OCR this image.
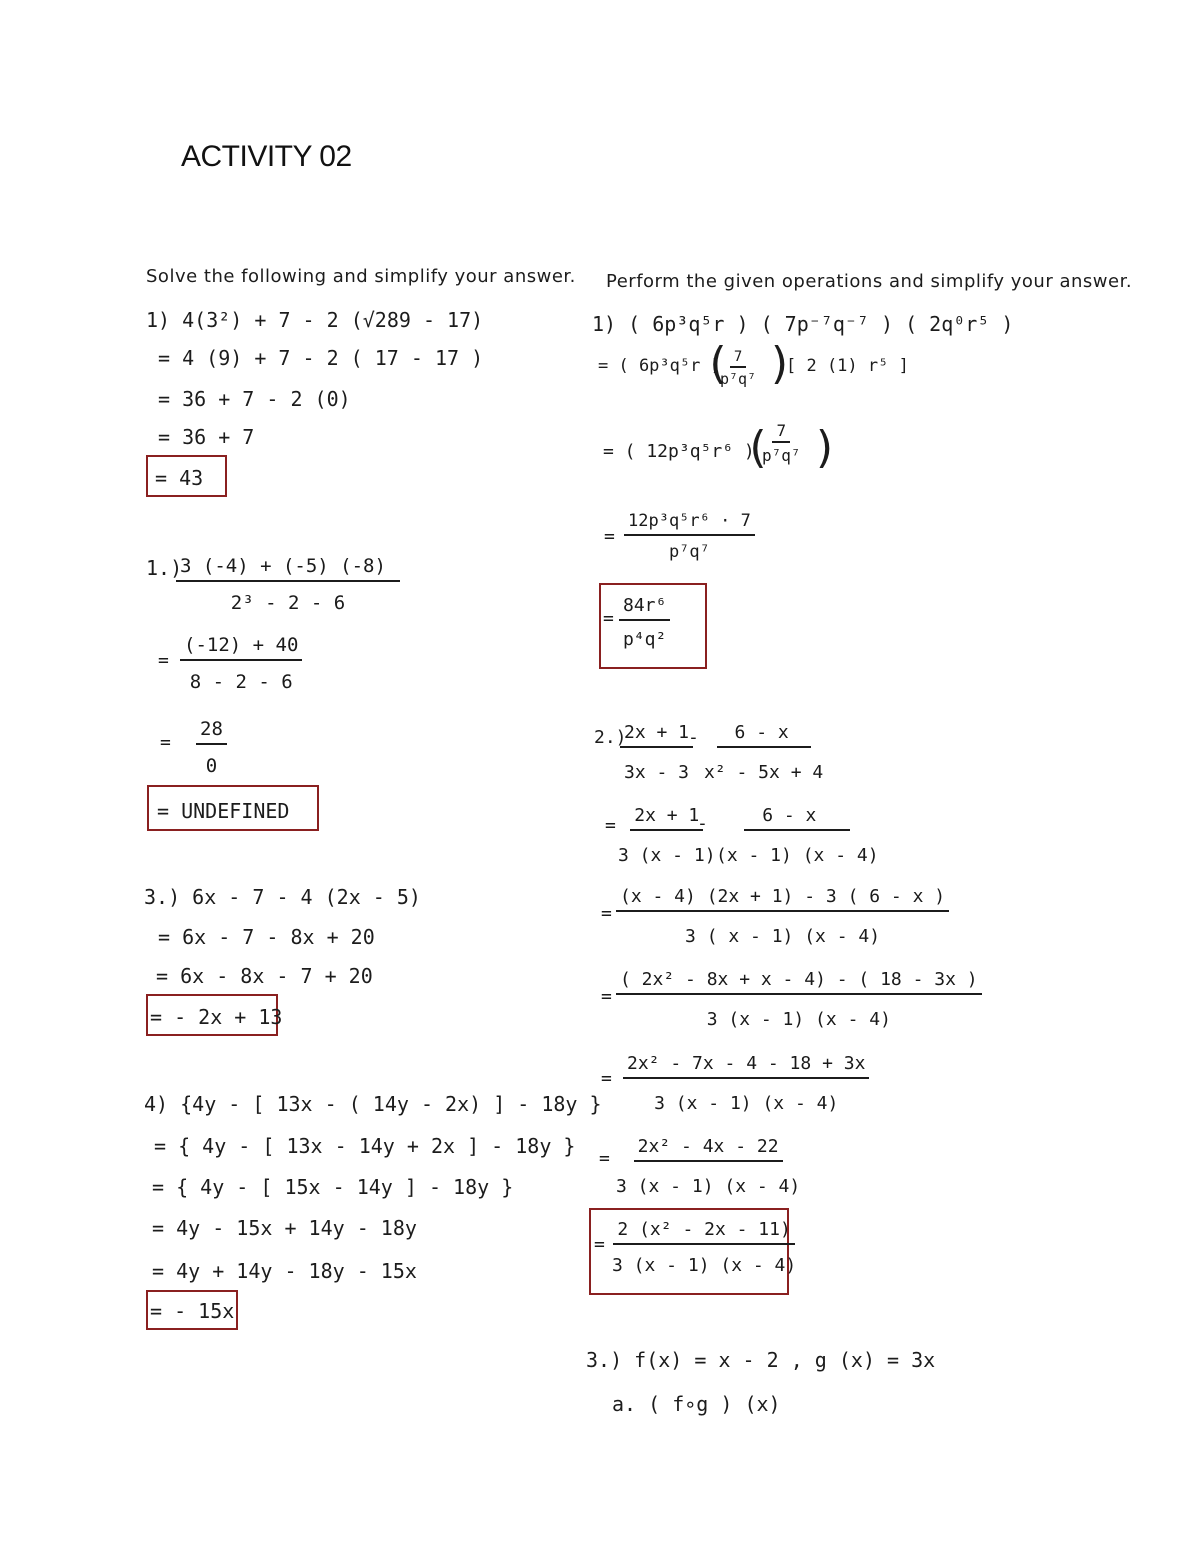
ACTIVITY 02
Solve the following and simplify your answer.
1) 4(3²) + 7 - 2 (√289 - 17)
= 4 (9) + 7 - 2 ( 17 - 17 )
= 36 + 7 - 2 (0)
= 36 + 7
= 43
1.)
$\frac{3 (-4) + (-5) (-8)}{\text{2³ - 2 - 6}}$
= $\frac{(-12) + 40}{8 - 2 - 6}$
= $\frac{28}{0}$
= UNDEFINED
3.) 6x - 7 - 4 (2x - 5)
= 6x - 7 - 8x + 20
= 6x - 8x - 7 + 20
= - 2x + 13
4) {4y - [ 13x - ( 14y - 2x) ] - 18y }
= { 4y - [ 13x - 14y + 2x ] - 18y }
= { 4y - [ 15x - 14y ] - 18y }
= 4y - 15x + 14y - 18y
= 4y + 14y - 18y - 15x
= - 15x
Perform the given operations and simplify your answer.
1) ( 6p³q⁵r ) ( 7p⁻⁷q⁻⁷ ) ( 2q⁰r⁵ )
= ( 6p³q⁵r )
(
$\frac{7}{\text{p⁷q⁷}}$ )
[ 2 (1) r⁵ ]
= ( 12p³q⁵r⁶ )
(
$\frac{7}{\text{p⁷q⁷}}$ )
= $\frac{\text{12p³q⁵r⁶ · 7}}{\text{p⁷q⁷}}$
= $\frac{\text{84r⁶}}{\text{p⁴q²}}$
2.)
$\frac{2x + 1}{3x - 3}$
- $\frac{6 - x}{\text{x² - 5x + 4}}$
= $\frac{2x + 1}{3 (x - 1)}$
- $\frac{6 - x}{(x - 1) (x - 4)}$
= $\frac{(x - 4) (2x + 1) - 3 ( 6 - x )}{3 ( x - 1) (x - 4)}$
= $\frac{\text{( 2x² - 8x + x - 4) - ( 18 - 3x )}}{3 (x - 1) (x - 4)}$
= $\frac{\text{2x² - 7x - 4 - 18 + 3x}}{3 (x - 1) (x - 4)}$
= $\frac{\text{2x² - 4x - 22}}{3 (x - 1) (x - 4)}$
= $\frac{\text{2 (x² - 2x - 11)}}{3 (x - 1) (x - 4)}$
3.) f(x) = x - 2 , g (x) = 3x
a. ( f∘g ) (x)
